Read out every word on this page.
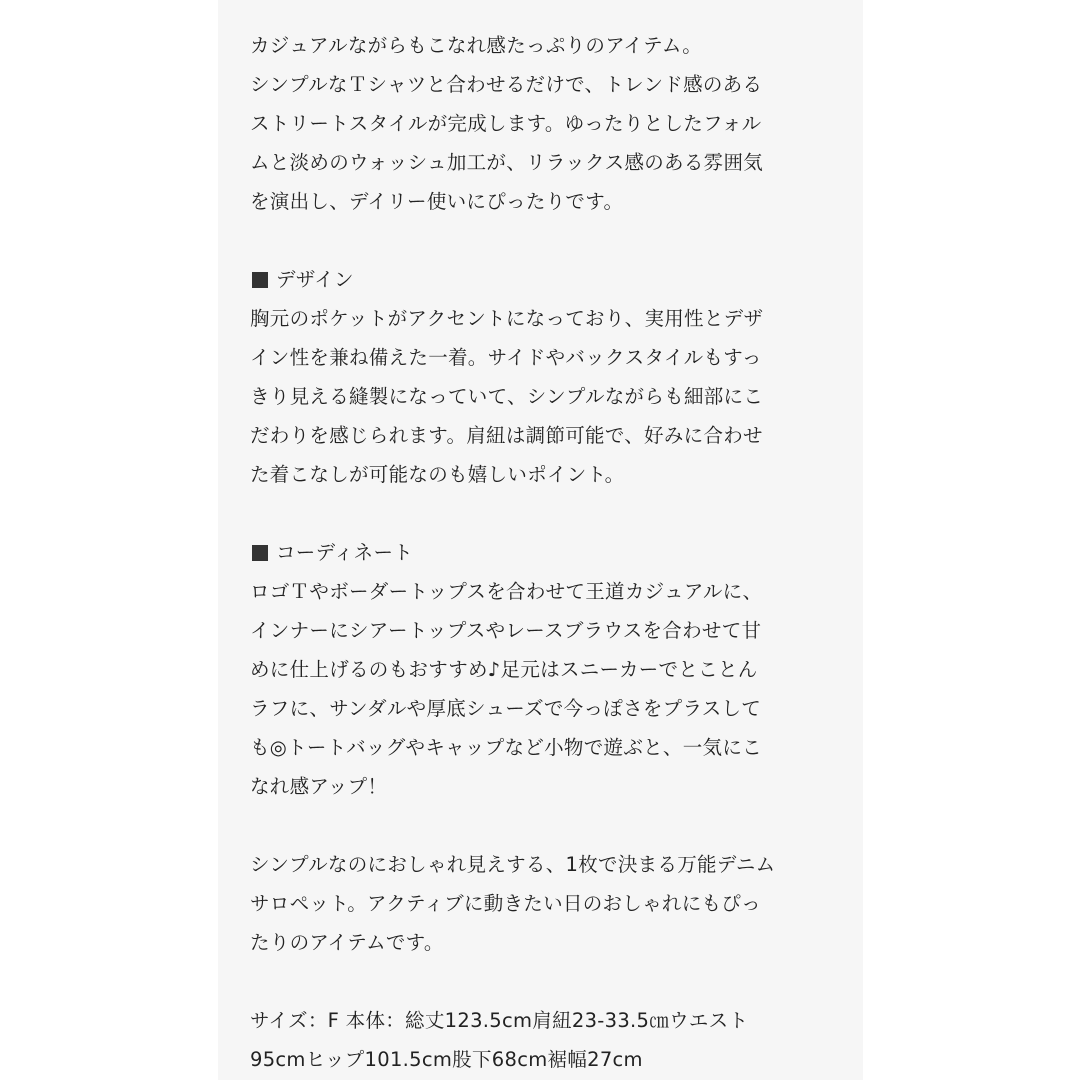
カジュアルながらもこなれ感たっぷりのアイテム。
シンプルなＴシャツと合わせるだけで、トレンド感のある
ストリートスタイルが完成します。ゆったりとしたフォル
ムと淡めのウォッシュ加工が、リラックス感のある雰囲気
を演出し、デイリー使いにぴったりです。
デザイン
胸元のポケットがアクセントになっており、実用性とデザ
イン性を兼ね備えた一着。サイドやバックスタイルもすっ
きり見える縫製になっていて、シンプルながらも細部にこ
だわりを感じられます。肩紐は調節可能で、好みに合わせ
た着こなしが可能なのも嬉しいポイント。
コーディネート
ロゴＴやボーダートップスを合わせて王道カジュアルに、
インナーにシアートップスやレースブラウスを合わせて甘
めに仕上げるのもおすすめ♪足元はスニーカーでとことん
ラフに、サンダルや厚底シューズで今っぽさをプラスして
も◎トートバッグやキャップなど小物で遊ぶと、一気にこ
なれ感アップ！
シンプルなのにおしゃれ見えする、1枚で決まる万能デニム
サロペット。アクティブに動きたい日のおしゃれにもぴっ
たりのアイテムです。
サイズ：F 本体：総丈123.5cm肩紐23-33.5㎝ウエスト
95cmヒップ101.5cm股下68cm裾幅27cm
